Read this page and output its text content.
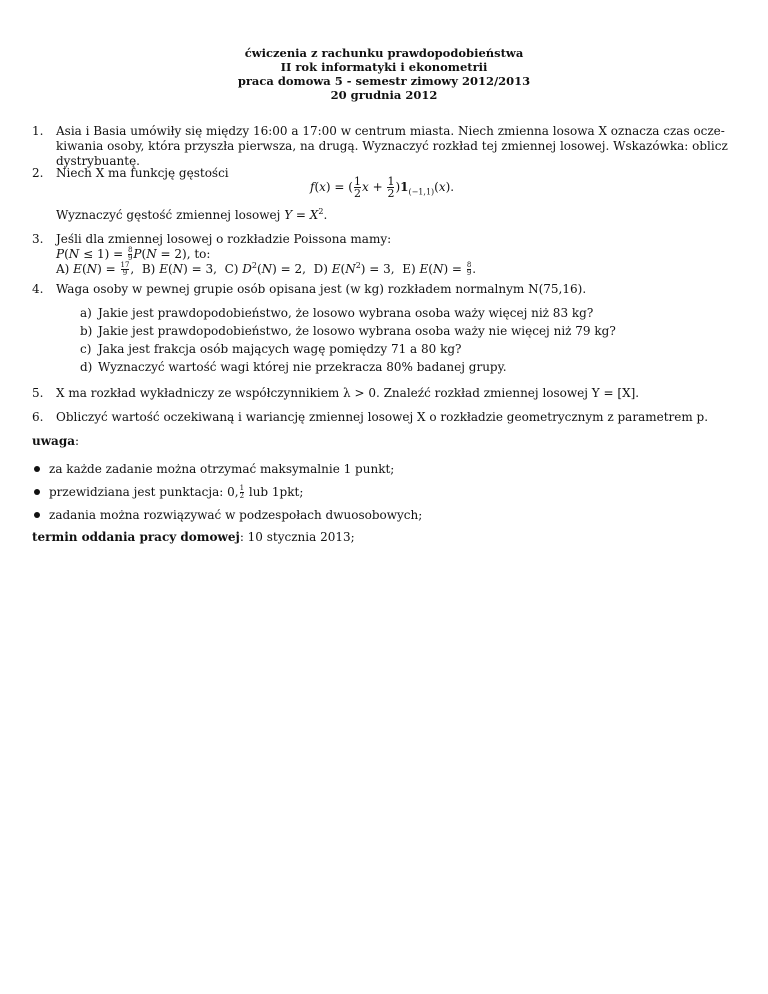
ćwiczenia z rachunku prawdopodobieństwa
II rok informatyki i ekonometrii
praca domowa 5 - semestr zimowy 2012/2013
20 grudnia 2012
1.	Asia i Basia umówiły się między 16:00 a 17:00 w centrum miasta. Niech zmienna losowa X oznacza czas ocze-
kiwania osoby, która przyszła pierwsza, na drugą. Wyznaczyć rozkład tej zmiennej losowej. Wskazówka: oblicz
dystrybuantę.
2.	Niech X ma funkcję gęstości
f(x) = ( $\frac{1}{2}$ $x + \frac{1}{2} )1_{(-1,1)}(x)$.
Wyznaczyć gęstość zmiennej losowej $Y = X^2$.
3.	Jeśli dla zmiennej losowej o rozkładzie Poissona mamy:
$P(N \le 1) = \frac{8}{9} P(N = 2)$, to:
A) $E(N) = \frac{17}{9}$ ,  B) E(N) = 3,  C) $D^2(N) = 2$,  D) $E(N^2) = 3$,  E) $E(N) = \frac{8}{9}$ .
4.	Waga osoby w pewnej grupie osób opisana jest (w kg) rozkładem normalnym N(75,16).
a) Jakie jest prawdopodobieństwo, że losowo wybrana osoba waży więcej niż 83 kg?
b) Jakie jest prawdopodobieństwo, że losowo wybrana osoba waży nie więcej niż 79 kg?
c) Jaka jest frakcja osób mających wagę pomiędzy 71 a 80 kg?
d) Wyznaczyć wartość wagi której nie przekracza 80% badanej grupy.
5.	X ma rozkład wykładniczy ze współczynnikiem λ > 0. Znaleźć rozkład zmiennej losowej Y = [X].
6.	Obliczyć wartość oczekiwaną i wariancję zmiennej losowej X o rozkładzie geometrycznym z parametrem p.
uwaga:
za każde zadanie można otrzymać maksymalnie 1 punkt;
przewidziana jest punktacja: 0, $\frac{1}{2}$ lub 1pkt;
zadania można rozwiązywać w podzespołach dwuosobowych;
termin oddania pracy domowej: 10 stycznia 2013;
